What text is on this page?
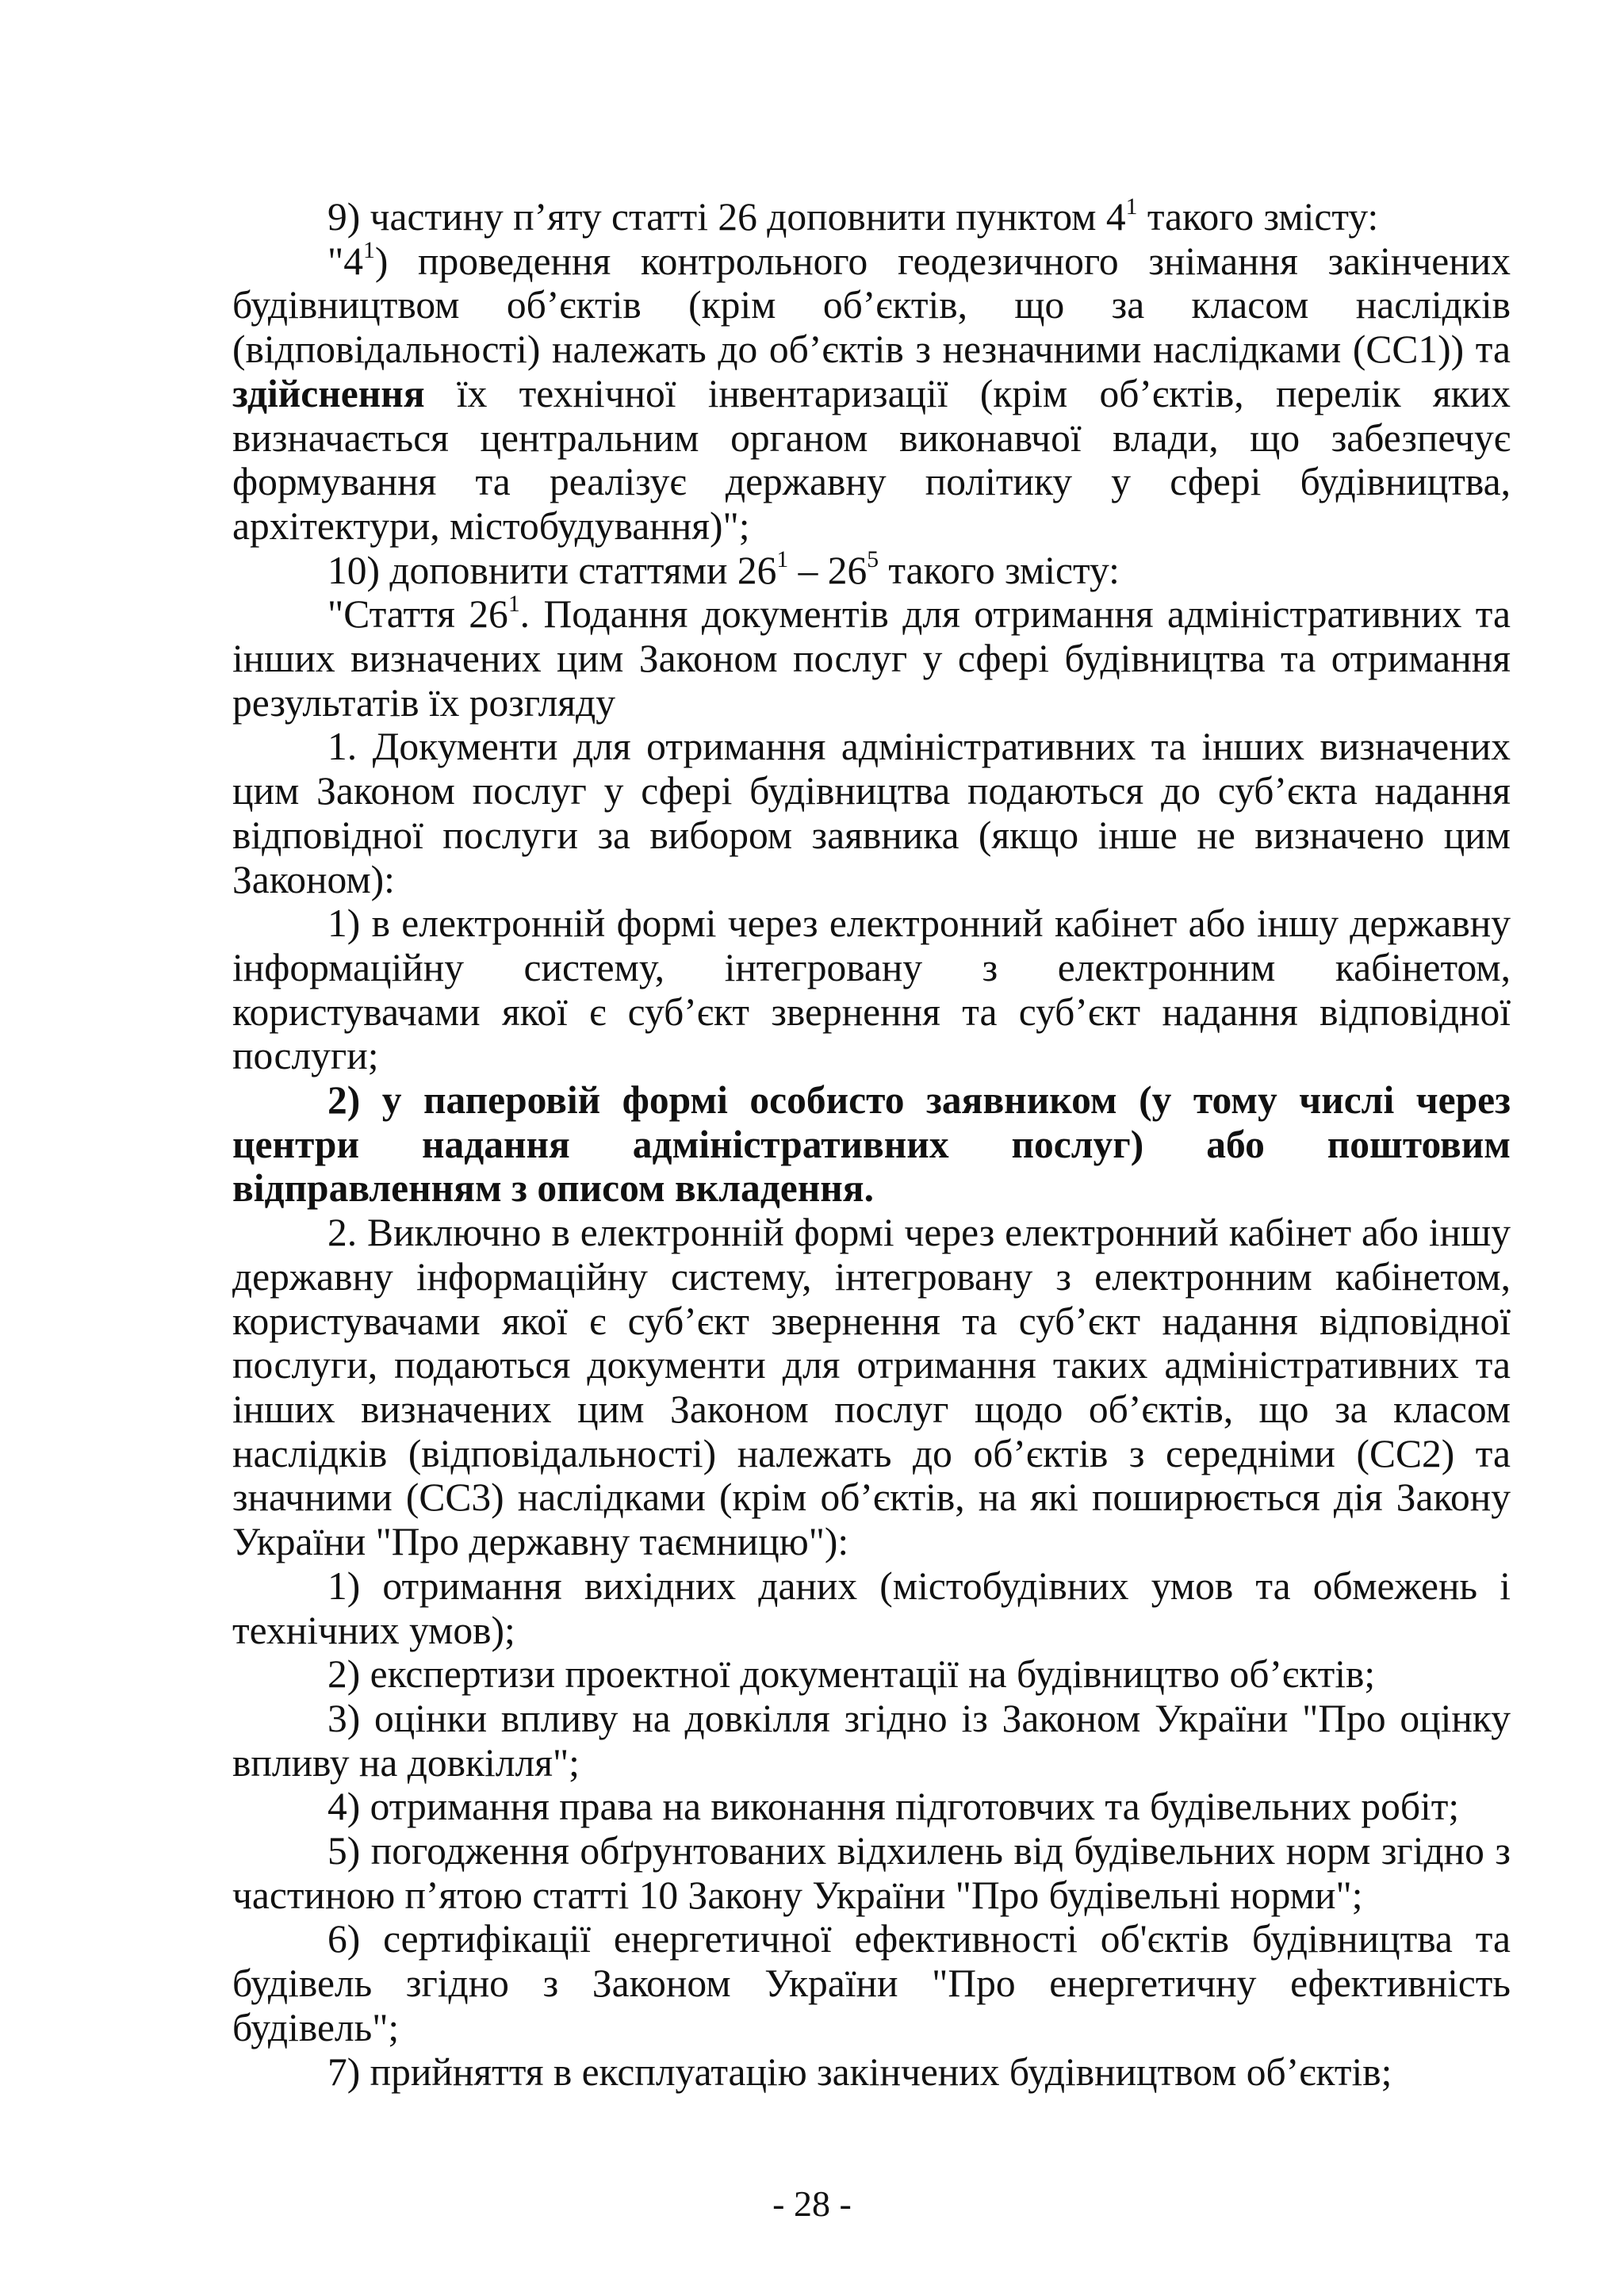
9) частину п’яту статті 26 доповнити пунктом $4^1$ такого змісту:

"$4^1$) проведення контрольного геодезичного знімання закінчених будівництвом об’єктів (крім об’єктів, що за класом наслідків (відповідальності) належать до об’єктів з незначними наслідками (СС1)) та здійснення їх технічної інвентаризації (крім об’єктів, перелік яких визначається центральним органом виконавчої влади, що забезпечує формування та реалізує державну політику у сфері будівництва, архітектури, містобудування)";

10) доповнити статтями $26^1 - 26^5$ такого змісту:

"Стаття $26^1$. Подання документів для отримання адміністративних та інших визначених цим Законом послуг у сфері будівництва та отримання результатів їх розгляду

1. Документи для отримання адміністративних та інших визначених цим Законом послуг у сфері будівництва подаються до суб’єкта надання відповідної послуги за вибором заявника (якщо інше не визначено цим Законом):

1) в електронній формі через електронний кабінет або іншу державну інформаційну систему, інтегровану з електронним кабінетом, користувачами якої є суб’єкт звернення та суб’єкт надання відповідної послуги;

2) у паперовій формі особисто заявником (у тому числі через центри надання адміністративних послуг) або поштовим відправленням з описом вкладення.

2. Виключно в електронній формі через електронний кабінет або іншу державну інформаційну систему, інтегровану з електронним кабінетом, користувачами якої є суб’єкт звернення та суб’єкт надання відповідної послуги, подаються документи для отримання таких адміністративних та інших визначених цим Законом послуг щодо об’єктів, що за класом наслідків (відповідальності) належать до об’єктів з середніми (СС2) та значними (СС3) наслідками (крім об’єктів, на які поширюється дія Закону України "Про державну таємницю"):

1) отримання вихідних даних (містобудівних умов та обмежень і технічних умов);

2) експертизи проектної документації на будівництво об’єктів;

3) оцінки впливу на довкілля згідно із Законом України "Про оцінку впливу на довкілля";

4) отримання права на виконання підготовчих та будівельних робіт;

5) погодження обґрунтованих відхилень від будівельних норм згідно з частиною п’ятою статті 10 Закону України "Про будівельні норми";

6) сертифікації енергетичної ефективності об'єктів будівництва та будівель згідно з Законом України "Про енергетичну ефективність будівель";

7) прийняття в експлуатацію закінчених будівництвом об’єктів;

- 28 -
